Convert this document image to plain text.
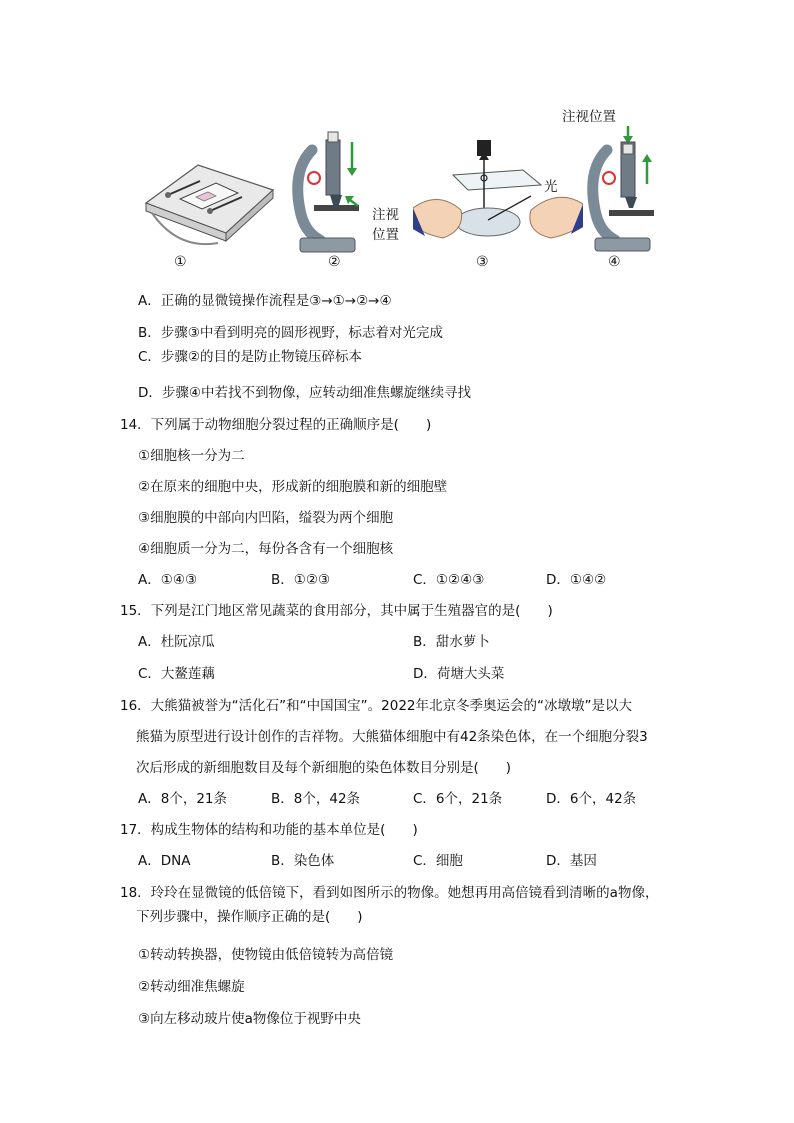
①
注视
位置
②
光
③
注视位置
④
A．正确的显微镜操作流程是③→①→②→④
B．步骤③中看到明亮的圆形视野，标志着对光完成
C．步骤②的目的是防止物镜压碎标本
D．步骤④中若找不到物像，应转动细准焦螺旋继续寻找
14．下列属于动物细胞分裂过程的正确顺序是(　　)
①细胞核一分为二
②在原来的细胞中央，形成新的细胞膜和新的细胞壁
③细胞膜的中部向内凹陷，缢裂为两个细胞
④细胞质一分为二，每份各含有一个细胞核
A．①④③	B．①②③	C．①②④③	D．①④②
15．下列是江门地区常见蔬菜的食用部分，其中属于生殖器官的是(　　)
A．杜阮凉瓜	B．甜水萝卜
C．大鳌莲藕	D．荷塘大头菜
16．大熊猫被誉为“活化石”和“中国国宝”。2022年北京冬季奥运会的“冰墩墩”是以大
熊猫为原型进行设计创作的吉祥物。大熊猫体细胞中有42条染色体，在一个细胞分裂3
次后形成的新细胞数目及每个新细胞的染色体数目分别是(　　)
A．8个，21条	B．8个，42条	C．6个，21条	D．6个，42条
17．构成生物体的结构和功能的基本单位是(　　)
A．DNA	B．染色体	C．细胞	D．基因
18．玲玲在显微镜的低倍镜下，看到如图所示的物像。她想再用高倍镜看到清晰的a物像，
下列步骤中，操作顺序正确的是(　　)
①转动转换器，使物镜由低倍镜转为高倍镜
②转动细准焦螺旋
③向左移动玻片使a物像位于视野中央
